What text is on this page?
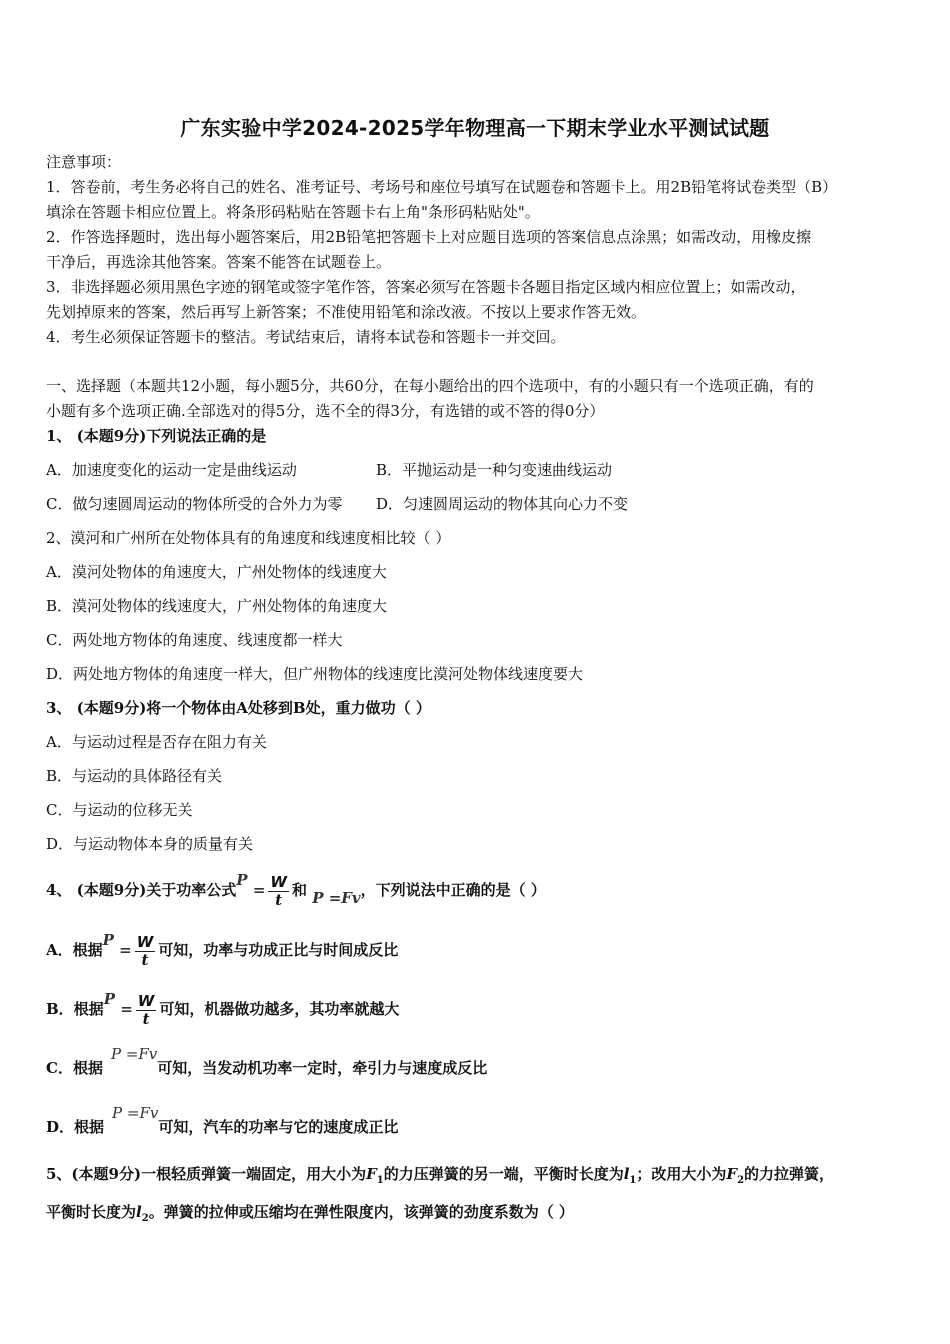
广东实验中学2024-2025学年物理高一下期末学业水平测试试题
注意事项：
1．答卷前，考生务必将自己的姓名、准考证号、考场号和座位号填写在试题卷和答题卡上。用2B铅笔将试卷类型（B）
填涂在答题卡相应位置上。将条形码粘贴在答题卡右上角"条形码粘贴处"。
2．作答选择题时，选出每小题答案后，用2B铅笔把答题卡上对应题目选项的答案信息点涂黑；如需改动，用橡皮擦
干净后，再选涂其他答案。答案不能答在试题卷上。
3．非选择题必须用黑色字迹的钢笔或签字笔作答，答案必须写在答题卡各题目指定区域内相应位置上；如需改动，
先划掉原来的答案，然后再写上新答案；不准使用铅笔和涂改液。不按以上要求作答无效。
4．考生必须保证答题卡的整洁。考试结束后，请将本试卷和答题卡一并交回。
一、选择题（本题共12小题，每小题5分，共60分，在每小题给出的四个选项中，有的小题只有一个选项正确，有的
小题有多个选项正确.全部选对的得5分，选不全的得3分，有选错的或不答的得0分）
1、 (本题9分)下列说法正确的是
A．加速度变化的运动一定是曲线运动	B．平抛运动是一种匀变速曲线运动
C．做匀速圆周运动的物体所受的合外力为零 D．匀速圆周运动的物体其向心力不变
2、漠河和广州所在处物体具有的角速度和线速度相比较（ ）
A．漠河处物体的角速度大，广州处物体的线速度大
B．漠河处物体的线速度大，广州处物体的角速度大
C．两处地方物体的角速度、线速度都一样大
D．两处地方物体的角速度一样大，但广州物体的线速度比漠河处物体线速度要大
3、 (本题9分)将一个物体由A处移到B处，重力做功（ ）
A．与运动过程是否存在阻力有关
B．与运动的具体路径有关
C．与运动的位移无关
D．与运动物体本身的质量有关
4、 (本题9分)关于功率公式$P = \frac{W}{t}$ 和 P =Fv，下列说法中正确的是（ ）
A．根据$P = \frac{W}{t}$ 可知，功率与功成正比与时间成反比
B．根据$P = \frac{W}{t}$ 可知，机器做功越多，其功率就越大
C．根据P =Fv可知，当发动机功率一定时，牵引力与速度成反比
D．根据P =Fv可知，汽车的功率与它的速度成正比
5、(本题9分)一根轻质弹簧一端固定，用大小为$F_1$的力压弹簧的另一端，平衡时长度为$l_1$；改用大小为$F_2$的力拉弹簧，
平衡时长度为$l_2$。弹簧的拉伸或压缩均在弹性限度内，该弹簧的劲度系数为（ ）
